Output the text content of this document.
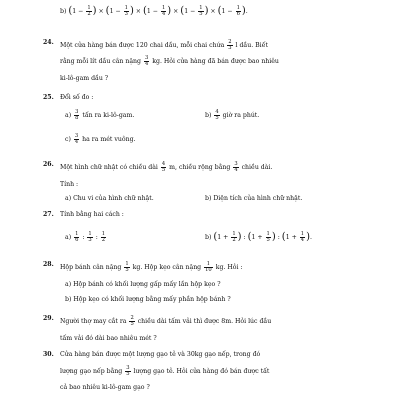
b) ($1 - \frac{1}{2}$ ) × ($1 - \frac{1}{3}$ ) × ($1 - \frac{1}{4}$ ) × ($1 - \frac{1}{5}$ ) × ($1 - \frac{1}{6}$ ).
24. Một cửa hàng bán được 120 chai dầu, mỗi chai chứa $\frac{2}{3}$ l dầu. Biết
rằng mỗi lít dầu cân nặng $\frac{3}{4}$ kg. Hỏi cửa hàng đã bán được bao nhiêu
ki-lô-gam dầu ?
25. Đổi số đo :
$a) \frac{3}{8}$ tấn ra ki-lô-gam.	$b) \frac{4}{5}$ giờ ra phút.
$c) \frac{3}{4}$ ha ra mét vuông.
26. Một hình chữ nhật có chiều dài $\frac{4}{5} m$, chiều rộng bằng $\frac{3}{4}$ chiều dài.
Tính :
a) Chu vi của hình chữ nhật.	b) Diện tích của hình chữ nhật.
27. Tính bằng hai cách :
$a) \frac{1}{6}$ : $\frac{1}{3}$ : $\frac{1}{2}$	b) ($1 + \frac{1}{2}$ ) : ($1 + \frac{1}{5}$ ) : ($1 + \frac{1}{4}$ ).
28. Hộp bánh cân nặng $\frac{1}{5}$ kg. Hộp kẹo cân nặng $\frac{1}{10}$ kg. Hỏi :
a) Hộp bánh có khối lượng gấp mấy lần hộp kẹo ?
b) Hộp kẹo có khối lượng bằng mấy phần hộp bánh ?
29. Người thợ may cắt ra $\frac{2}{5}$ chiều dài tấm vải thì được 8m. Hỏi lúc đầu
tấm vải đó dài bao nhiêu mét ?
30. Cửa hàng bán được một lượng gạo tẻ và 30kg gạo nếp, trong đó
lượng gạo nếp bằng $\frac{3}{5}$ lượng gạo tẻ. Hỏi cửa hàng đó bán được tất
cả bao nhiêu ki-lô-gam gạo ?
